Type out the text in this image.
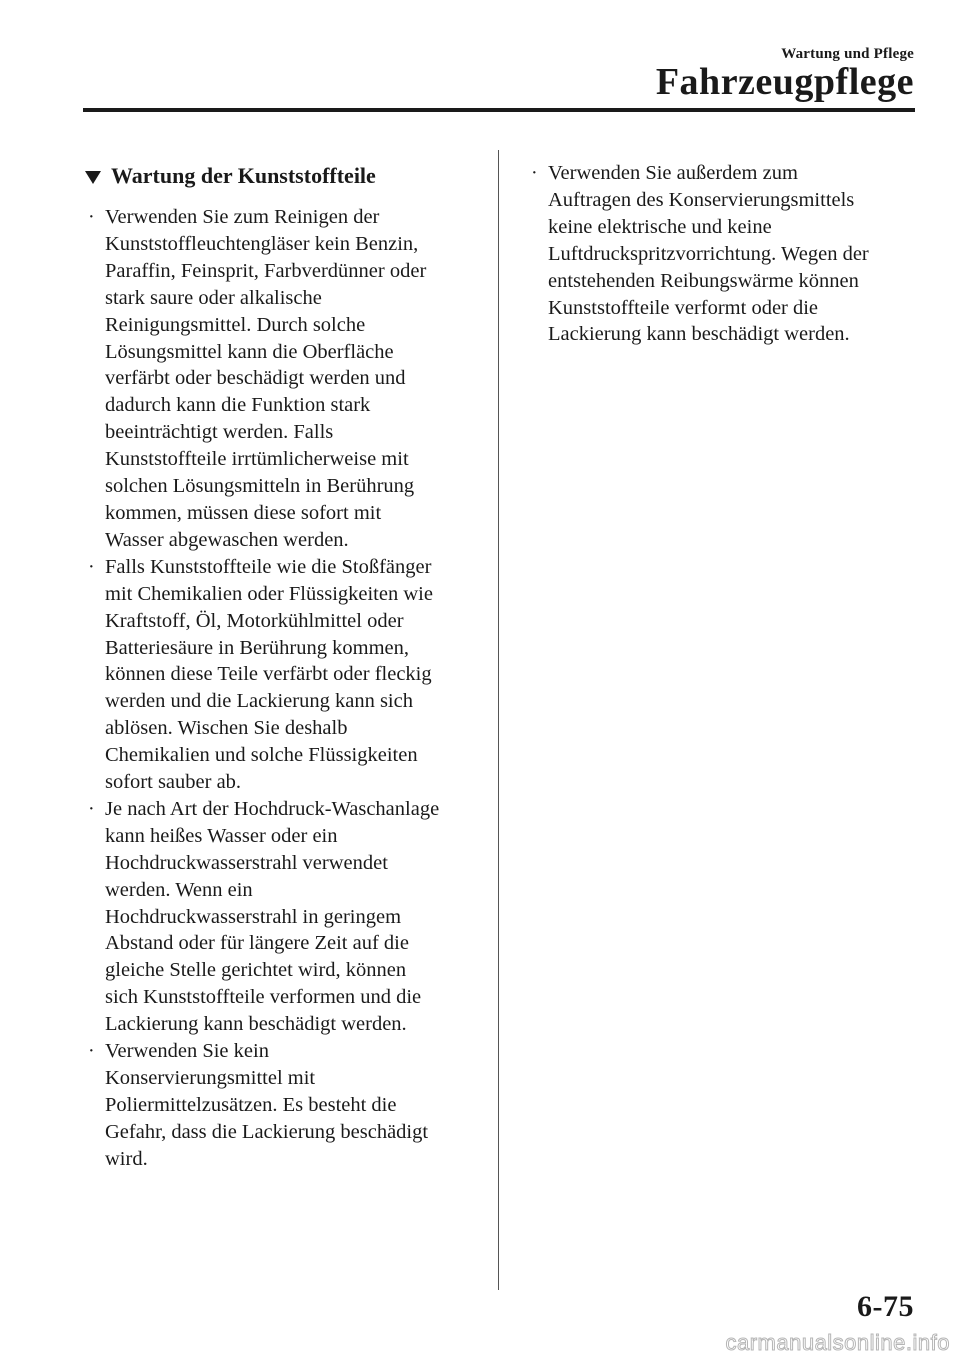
Wartung und Pflege
Fahrzeugpflege
Wartung der Kunststoffteile
· Verwenden Sie zum Reinigen der
Kunststoffleuchtengläser kein Benzin,
Paraffin, Feinsprit, Farbverdünner oder
stark saure oder alkalische
Reinigungsmittel. Durch solche
Lösungsmittel kann die Oberfläche
verfärbt oder beschädigt werden und
dadurch kann die Funktion stark
beeinträchtigt werden. Falls
Kunststoffteile irrtümlicherweise mit
solchen Lösungsmitteln in Berührung
kommen, müssen diese sofort mit
Wasser abgewaschen werden.
· Falls Kunststoffteile wie die Stoßfänger
mit Chemikalien oder Flüssigkeiten wie
Kraftstoff, Öl, Motorkühlmittel oder
Batteriesäure in Berührung kommen,
können diese Teile verfärbt oder fleckig
werden und die Lackierung kann sich
ablösen. Wischen Sie deshalb
Chemikalien und solche Flüssigkeiten
sofort sauber ab.
· Je nach Art der Hochdruck-Waschanlage
kann heißes Wasser oder ein
Hochdruckwasserstrahl verwendet
werden. Wenn ein
Hochdruckwasserstrahl in geringem
Abstand oder für längere Zeit auf die
gleiche Stelle gerichtet wird, können
sich Kunststoffteile verformen und die
Lackierung kann beschädigt werden.
· Verwenden Sie kein
Konservierungsmittel mit
Poliermittelzusätzen. Es besteht die
Gefahr, dass die Lackierung beschädigt
wird.
· Verwenden Sie außerdem zum
Auftragen des Konservierungsmittels
keine elektrische und keine
Luftdruckspritzvorrichtung. Wegen der
entstehenden Reibungswärme können
Kunststoffteile verformt oder die
Lackierung kann beschädigt werden.
6-75
carmanualsonline.info
